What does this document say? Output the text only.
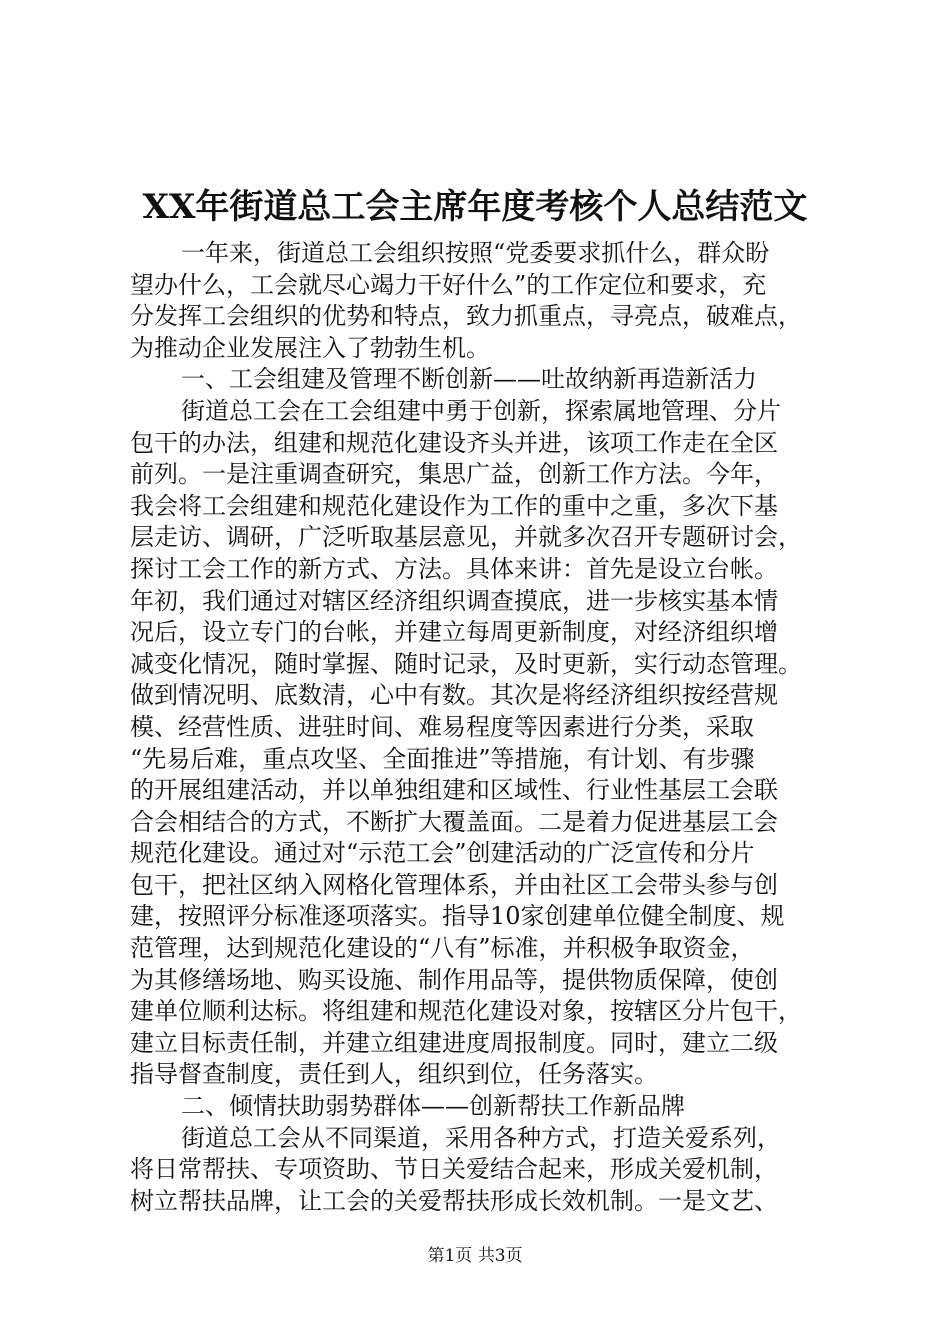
XX年街道总工会主席年度考核个人总结范文
一年来，街道总工会组织按照“党委要求抓什么，群众盼
望办什么，工会就尽心竭力干好什么”的工作定位和要求，充
分发挥工会组织的优势和特点，致力抓重点，寻亮点，破难点，
为推动企业发展注入了勃勃生机。
一、工会组建及管理不断创新——吐故纳新再造新活力
街道总工会在工会组建中勇于创新，探索属地管理、分片
包干的办法，组建和规范化建设齐头并进，该项工作走在全区
前列。一是注重调查研究，集思广益，创新工作方法。今年，
我会将工会组建和规范化建设作为工作的重中之重，多次下基
层走访、调研，广泛听取基层意见，并就多次召开专题研讨会，
探讨工会工作的新方式、方法。具体来讲：首先是设立台帐。
年初，我们通过对辖区经济组织调查摸底，进一步核实基本情
况后，设立专门的台帐，并建立每周更新制度，对经济组织增
减变化情况，随时掌握、随时记录，及时更新，实行动态管理。
做到情况明、底数清，心中有数。其次是将经济组织按经营规
模、经营性质、进驻时间、难易程度等因素进行分类，采取
“先易后难，重点攻坚、全面推进”等措施，有计划、有步骤
的开展组建活动，并以单独组建和区域性、行业性基层工会联
合会相结合的方式，不断扩大覆盖面。二是着力促进基层工会
规范化建设。通过对“示范工会”创建活动的广泛宣传和分片
包干，把社区纳入网格化管理体系，并由社区工会带头参与创
建，按照评分标准逐项落实。指导10家创建单位健全制度、规
范管理，达到规范化建设的“八有”标准，并积极争取资金，
为其修缮场地、购买设施、制作用品等，提供物质保障，使创
建单位顺利达标。将组建和规范化建设对象，按辖区分片包干，
建立目标责任制，并建立组建进度周报制度。同时，建立二级
指导督查制度，责任到人，组织到位，任务落实。
二、倾情扶助弱势群体——创新帮扶工作新品牌
街道总工会从不同渠道，采用各种方式，打造关爱系列，
将日常帮扶、专项资助、节日关爱结合起来，形成关爱机制，
树立帮扶品牌，让工会的关爱帮扶形成长效机制。一是文艺、
第1页 共3页
